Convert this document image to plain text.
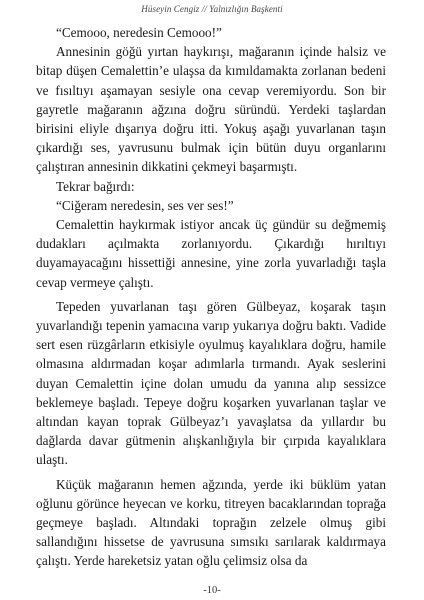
Hüseyin Cengiz // Yalnızlığın Başkenti

“Cemooo, neredesin Cemooo!”

Annesinin göğü yırtan haykırışı, mağaranın içinde halsiz ve bitap düşen Cemalettin’e ulaşsa da kımıldamakta zorlanan bedeni ve fısıltıyı aşamayan sesiyle ona cevap veremiyordu. Son bir gayretle mağaranın ağzına doğru süründü. Yerdeki taşlardan birisini eliyle dışarıya doğru itti. Yokuş aşağı yuvarlanan taşın çıkardığı ses, yavrusunu bulmak için bütün duyu organlarını çalıştıran annesinin dikkatini çekmeyi başarmıştı.

Tekrar bağırdı:

“Ciğeram neredesin, ses ver ses!”

Cemalettin haykırmak istiyor ancak üç gündür su değmemiş dudakları açılmakta zorlanıyordu. Çıkardığı hırıltıyı duyamayacağını hissettiği annesine, yine zorla yuvarladığı taşla cevap vermeye çalıştı.

Tepeden yuvarlanan taşı gören Gülbeyaz, koşarak taşın yuvarlandığı tepenin yamacına varıp yukarıya doğru baktı. Vadide sert esen rüzgârların etkisiyle oyulmuş kayalıklara doğru, hamile olmasına aldırmadan koşar adımlarla tırmandı. Ayak seslerini duyan Cemalettin içine dolan umudu da yanına alıp sessizce beklemeye başladı. Tepeye doğru koşarken yuvarlanan taşlar ve altından kayan toprak Gülbeyaz’ı yavaşlatsa da yıllardır bu dağlarda davar gütmenin alışkanlığıyla bir çırpıda kayalıklara ulaştı.

Küçük mağaranın hemen ağzında, yerde iki büklüm yatan oğlunu görünce heyecan ve korku, titreyen bacaklarından toprağa geçmeye başladı. Altındaki toprağın zelzele olmuş gibi sallandığını hissetse de yavrusuna sımsıkı sarılarak kaldırmaya çalıştı. Yerde hareketsiz yatan oğlu çelimsiz olsa da

-10-
